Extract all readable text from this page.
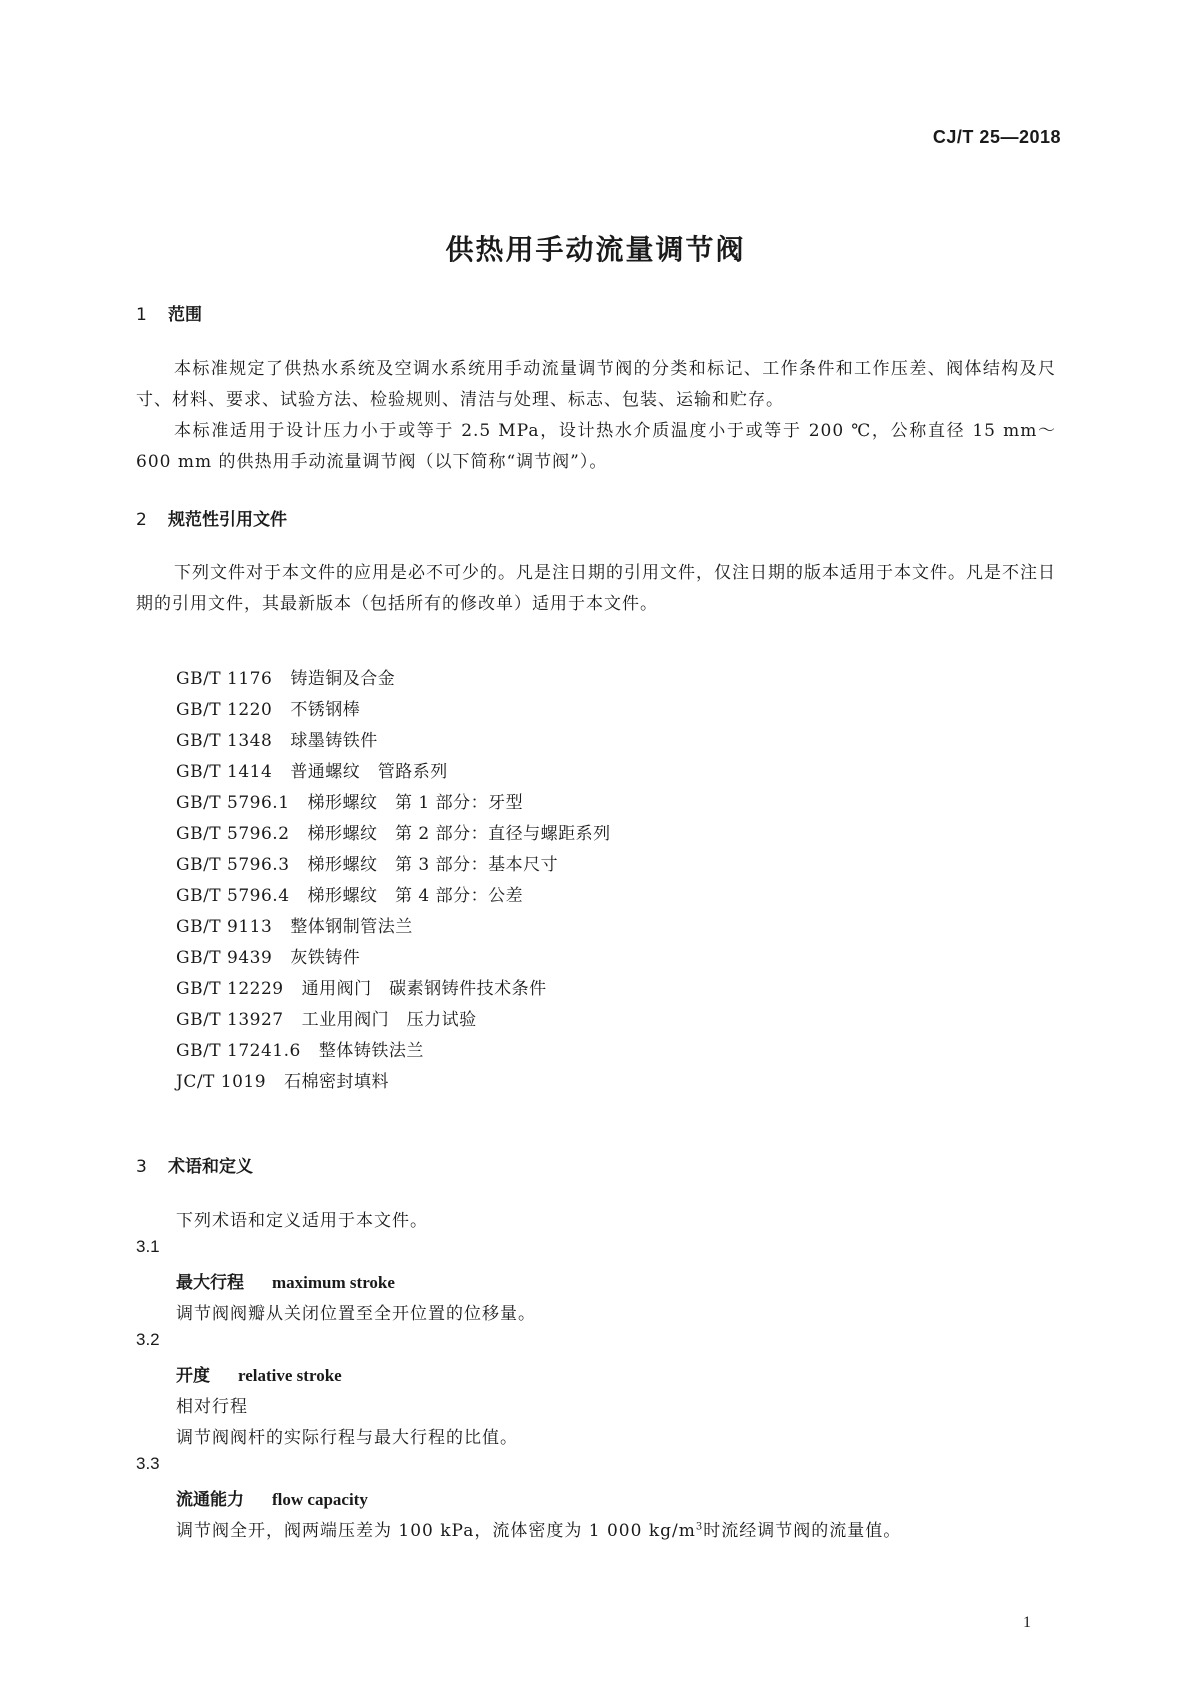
CJ/T 25—2018
供热用手动流量调节阀
1 范围
本标准规定了供热水系统及空调水系统用手动流量调节阀的分类和标记、工作条件和工作压差、阀体结构及尺寸、材料、要求、试验方法、检验规则、清洁与处理、标志、包装、运输和贮存。
本标准适用于设计压力小于或等于 2.5 MPa，设计热水介质温度小于或等于 200 ℃，公称直径 15 mm～600 mm 的供热用手动流量调节阀（以下简称“调节阀”）。
2 规范性引用文件
下列文件对于本文件的应用是必不可少的。凡是注日期的引用文件，仅注日期的版本适用于本文件。凡是不注日期的引用文件，其最新版本（包括所有的修改单）适用于本文件。
GB/T 1176 铸造铜及合金
GB/T 1220 不锈钢棒
GB/T 1348 球墨铸铁件
GB/T 1414 普通螺纹　管路系列
GB/T 5796.1 梯形螺纹　第 1 部分：牙型
GB/T 5796.2 梯形螺纹　第 2 部分：直径与螺距系列
GB/T 5796.3 梯形螺纹　第 3 部分：基本尺寸
GB/T 5796.4 梯形螺纹　第 4 部分：公差
GB/T 9113 整体钢制管法兰
GB/T 9439 灰铁铸件
GB/T 12229 通用阀门　碳素钢铸件技术条件
GB/T 13927 工业用阀门　压力试验
GB/T 17241.6 整体铸铁法兰
JC/T 1019 石棉密封填料
3 术语和定义
下列术语和定义适用于本文件。
3.1
最大行程 maximum stroke
调节阀阀瓣从关闭位置至全开位置的位移量。
3.2
开度 relative stroke
相对行程
调节阀阀杆的实际行程与最大行程的比值。
3.3
流通能力 flow capacity
调节阀全开，阀两端压差为 100 kPa，流体密度为 1 000 $kg/m^3$时流经调节阀的流量值。
1
